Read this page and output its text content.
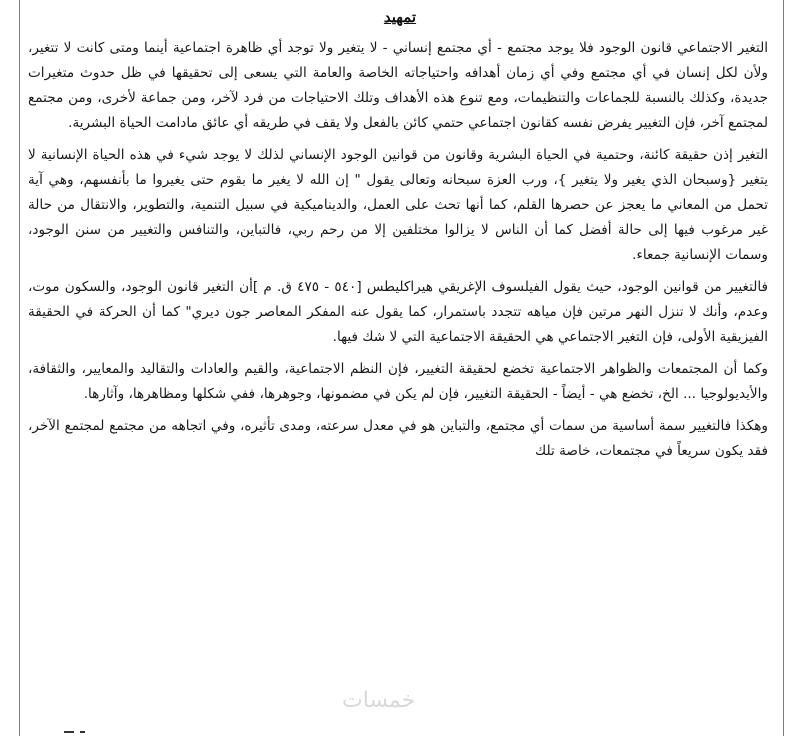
تمهيد

التغير الاجتماعي قانون الوجود فلا يوجد مجتمع - أي مجتمع إنساني - لا يتغير ولا توجد أي ظاهرة اجتماعية أينما ومتى كانت لا تتغير، ولأن لكل إنسان في أي مجتمع وفي أي زمان أهدافه واحتياجاته الخاصة والعامة التي يسعى إلى تحقيقها في ظل حدوث متغيرات جديدة، وكذلك بالنسبة للجماعات والتنظيمات، ومع تنوع هذه الأهداف وتلك الاحتياجات من فرد لآخر، ومن جماعة لأخرى، ومن مجتمع لمجتمع آخر، فإن التغيير يفرض نفسه كقانون اجتماعي حتمي كائن بالفعل ولا يقف في طريقه أي عائق مادامت الحياة البشرية.

التغير إذن حقيقة كائنة، وحتمية في الحياة البشرية وقانون من قوانين الوجود الإنساني لذلك لا يوجد شيء في هذه الحياة الإنسانية لا يتغير {وسبحان الذي يغير ولا يتغير }، ورب العزة سبحانه وتعالى يقول " إن الله لا يغير ما بقوم حتى يغيروا ما بأنفسهم، وهي آية تحمل من المعاني ما يعجز عن حصرها القلم، كما أنها تحث على العمل، والديناميكية في سبيل التنمية، والتطوير، والانتقال من حالة غير مرغوب فيها إلى حالة أفضل كما أن الناس لا يزالوا مختلفين إلا من رحم ربي، فالتباين، والتنافس والتغيير من سنن الوجود، وسمات الإنسانية جمعاء.

فالتغيير من قوانين الوجود، حيث يقول الفيلسوف الإغريقي هيراكليطس [٥٤٠ - ٤٧٥ ق. م ]أن التغير قانون الوجود، والسكون موت، وعدم، وأنك لا تنزل النهر مرتين فإن مياهه تتجدد باستمرار، كما يقول عنه المفكر المعاصر جون ديري" كما أن الحركة في الحقيقة الفيزيقية الأولى، فإن التغير الاجتماعي هي الحقيقة الاجتماعية التي لا شك فيها.

وكما أن المجتمعات والظواهر الاجتماعية تخضع لحقيقة التغيير، فإن النظم الاجتماعية، والقيم والعادات والتقاليد والمعايير، والثقافة، والأيديولوجيا ... الخ، تخضع هي - أيضاً - الحقيقة التغيير، فإن لم يكن في مضمونها، وجوهرها، ففي شكلها ومظاهرها، وآثارها.

وهكذا فالتغيير سمة أساسية من سمات أي مجتمع، والتباين هو في معدل سرعته، ومدى تأثيره، وفي اتجاهه من مجتمع لمجتمع الآخر، فقد يكون سريعاً في مجتمعات، خاصة تلك

خمسات
